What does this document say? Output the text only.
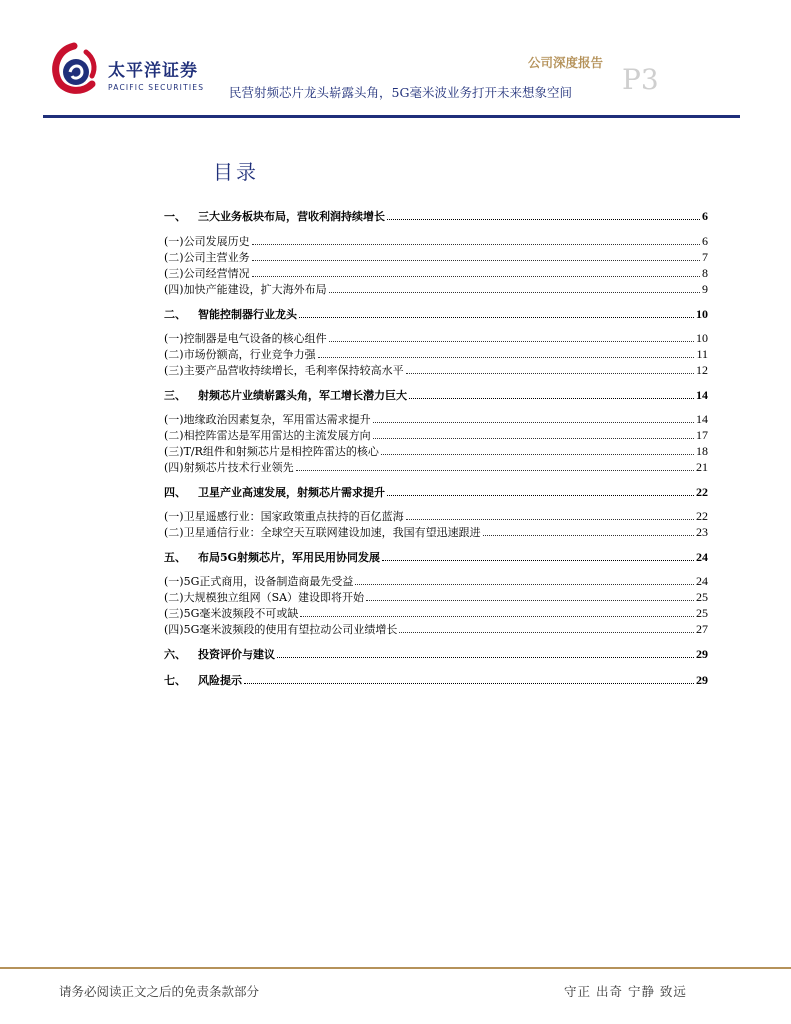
太平洋证券
PACIFIC SECURITIES
公司深度报告
民营射频芯片龙头崭露头角，5G毫米波业务打开未来想象空间 P3
目录
一、	三大业务板块布局，营收利润持续增长	6
(一)公司发展历史	6
(二)公司主营业务	7
(三)公司经营情况	8
(四)加快产能建设，扩大海外布局	9
二、	智能控制器行业龙头	10
(一)控制器是电气设备的核心组件	10
(二)市场份额高，行业竞争力强	11
(三)主要产品营收持续增长，毛利率保持较高水平	12
三、	射频芯片业绩崭露头角，军工增长潜力巨大	14
(一)地缘政治因素复杂，军用雷达需求提升	14
(二)相控阵雷达是军用雷达的主流发展方向	17
(三)T/R组件和射频芯片是相控阵雷达的核心	18
(四)射频芯片技术行业领先	21
四、	卫星产业高速发展，射频芯片需求提升	22
(一)卫星遥感行业：国家政策重点扶持的百亿蓝海	22
(二)卫星通信行业：全球空天互联网建设加速，我国有望迅速跟进	23
五、	布局5G射频芯片，军用民用协同发展	24
(一)5G正式商用，设备制造商最先受益	24
(二)大规模独立组网（SA）建设即将开始	25
(三)5G毫米波频段不可或缺	25
(四)5G毫米波频段的使用有望拉动公司业绩增长	27
六、	投资评价与建议	29
七、	风险提示	29
请务必阅读正文之后的免责条款部分	守正 出奇 宁静 致远
